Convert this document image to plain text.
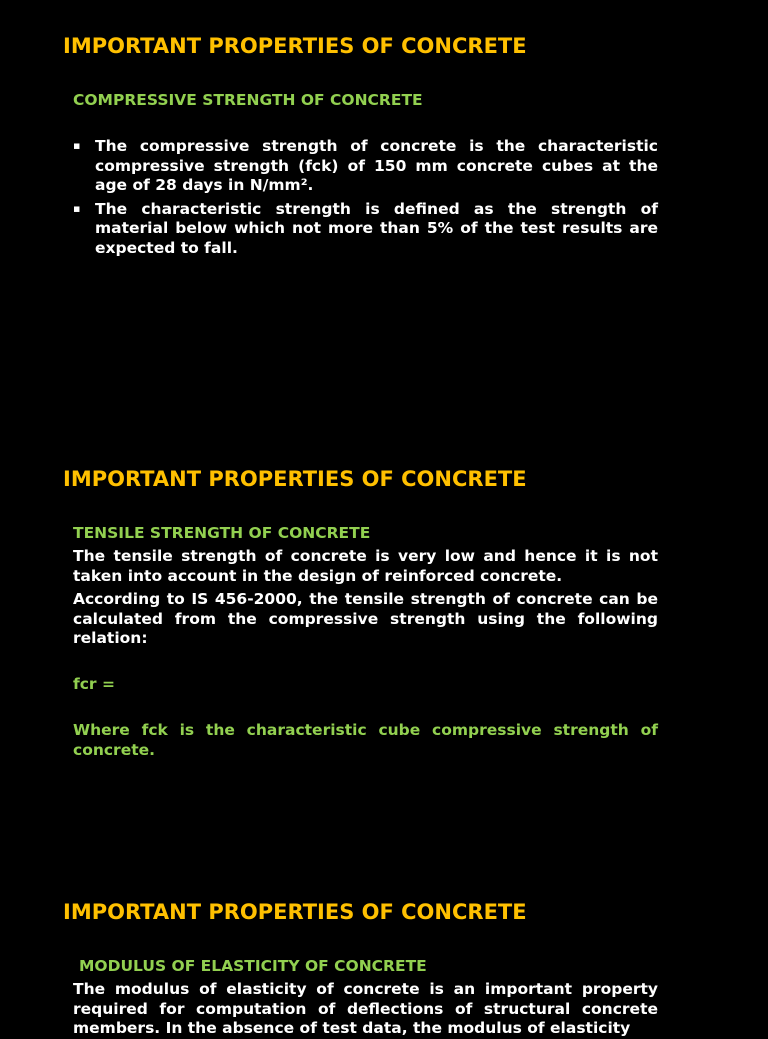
IMPORTANT PROPERTIES OF CONCRETE
COMPRESSIVE STRENGTH OF CONCRETE
▪ The compressive strength of concrete is the characteristic compressive strength (fck) of 150 mm concrete cubes at the age of 28 days in N/mm².
▪ The characteristic strength is defined as the strength of material below which not more than 5% of the test results are expected to fall.
IMPORTANT PROPERTIES OF CONCRETE
TENSILE STRENGTH OF CONCRETE
The tensile strength of concrete is very low and hence it is not taken into account in the design of reinforced concrete.
According to IS 456-2000, the tensile strength of concrete can be calculated from the compressive strength using the following relation:
fcr =
Where fck is the characteristic cube compressive strength of concrete.
IMPORTANT PROPERTIES OF CONCRETE
MODULUS OF ELASTICITY OF CONCRETE
The modulus of elasticity of concrete is an important property required for computation of deflections of structural concrete members. In the absence of test data, the modulus of elasticity
